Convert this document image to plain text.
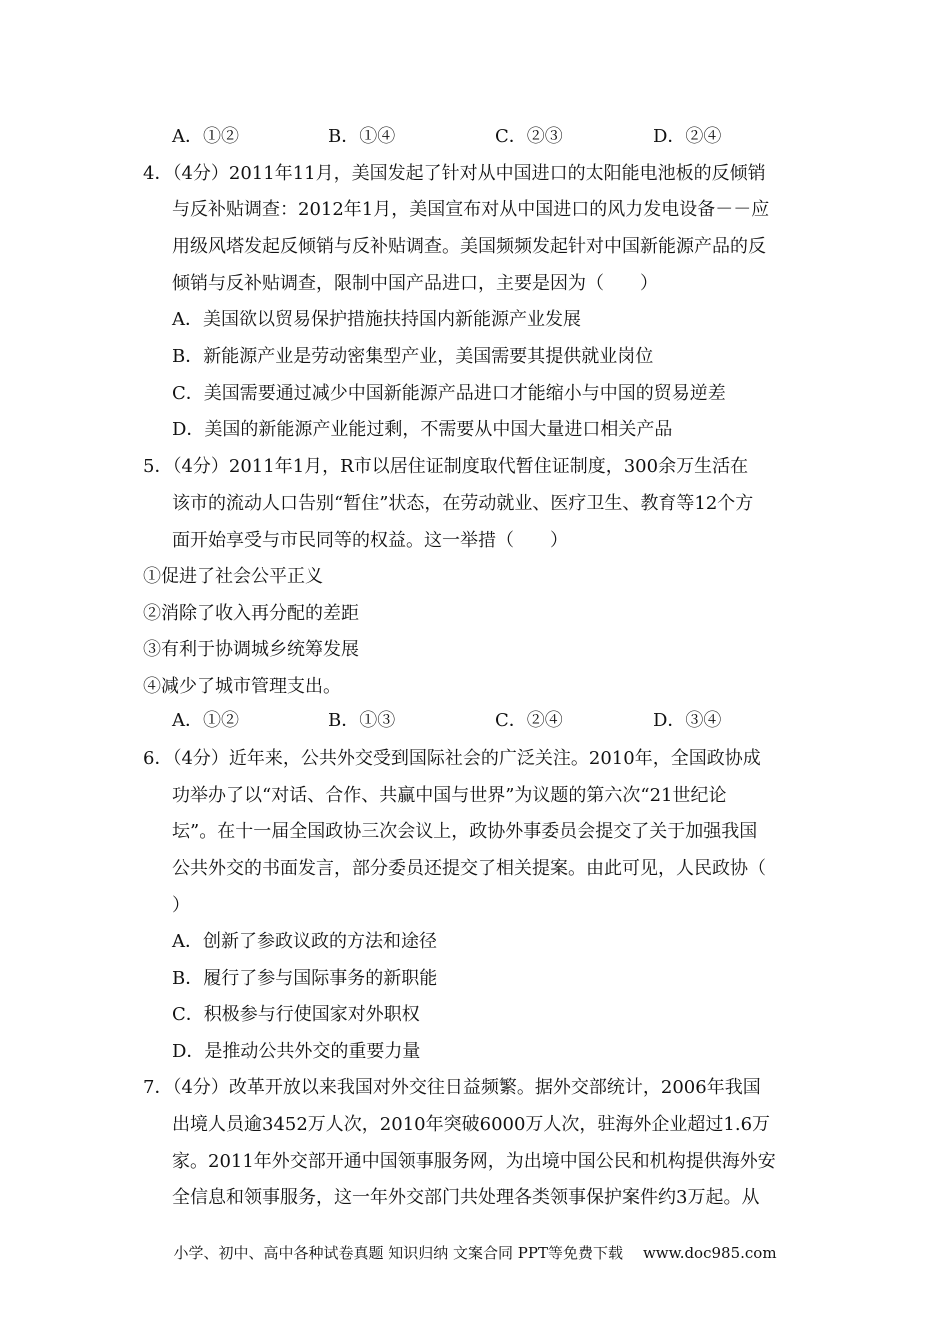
A．①②	B．①④	C．②③	D．②④
4．（4分）2011年11月，美国发起了针对从中国进口的太阳能电池板的反倾销
与反补贴调查：2012年1月，美国宣布对从中国进口的风力发电设备－－应
用级风塔发起反倾销与反补贴调查。美国频频发起针对中国新能源产品的反
倾销与反补贴调查，限制中国产品进口，主要是因为（　　）
A．美国欲以贸易保护措施扶持国内新能源产业发展
B．新能源产业是劳动密集型产业，美国需要其提供就业岗位
C．美国需要通过减少中国新能源产品进口才能缩小与中国的贸易逆差
D．美国的新能源产业能过剩，不需要从中国大量进口相关产品
5．（4分）2011年1月，R市以居住证制度取代暂住证制度，300余万生活在
该市的流动人口告别“暂住”状态，在劳动就业、医疗卫生、教育等12个方
面开始享受与市民同等的权益。这一举措（　　）
①促进了社会公平正义
②消除了收入再分配的差距
③有利于协调城乡统筹发展
④减少了城市管理支出。
A．①②	B．①③	C．②④	D．③④
6．（4分）近年来，公共外交受到国际社会的广泛关注。2010年，全国政协成
功举办了以“对话、合作、共赢中国与世界”为议题的第六次“21世纪论
坛”。在十一届全国政协三次会议上，政协外事委员会提交了关于加强我国
公共外交的书面发言，部分委员还提交了相关提案。由此可见，人民政协（
）
A．创新了参政议政的方法和途径
B．履行了参与国际事务的新职能
C．积极参与行使国家对外职权
D．是推动公共外交的重要力量
7．（4分）改革开放以来我国对外交往日益频繁。据外交部统计，2006年我国
出境人员逾3452万人次，2010年突破6000万人次，驻海外企业超过1.6万
家。2011年外交部开通中国领事服务网，为出境中国公民和机构提供海外安
全信息和领事服务，这一年外交部门共处理各类领事保护案件约3万起。从
小学、初中、高中各种试卷真题 知识归纳 文案合同 PPT等免费下载 www.doc985.com
